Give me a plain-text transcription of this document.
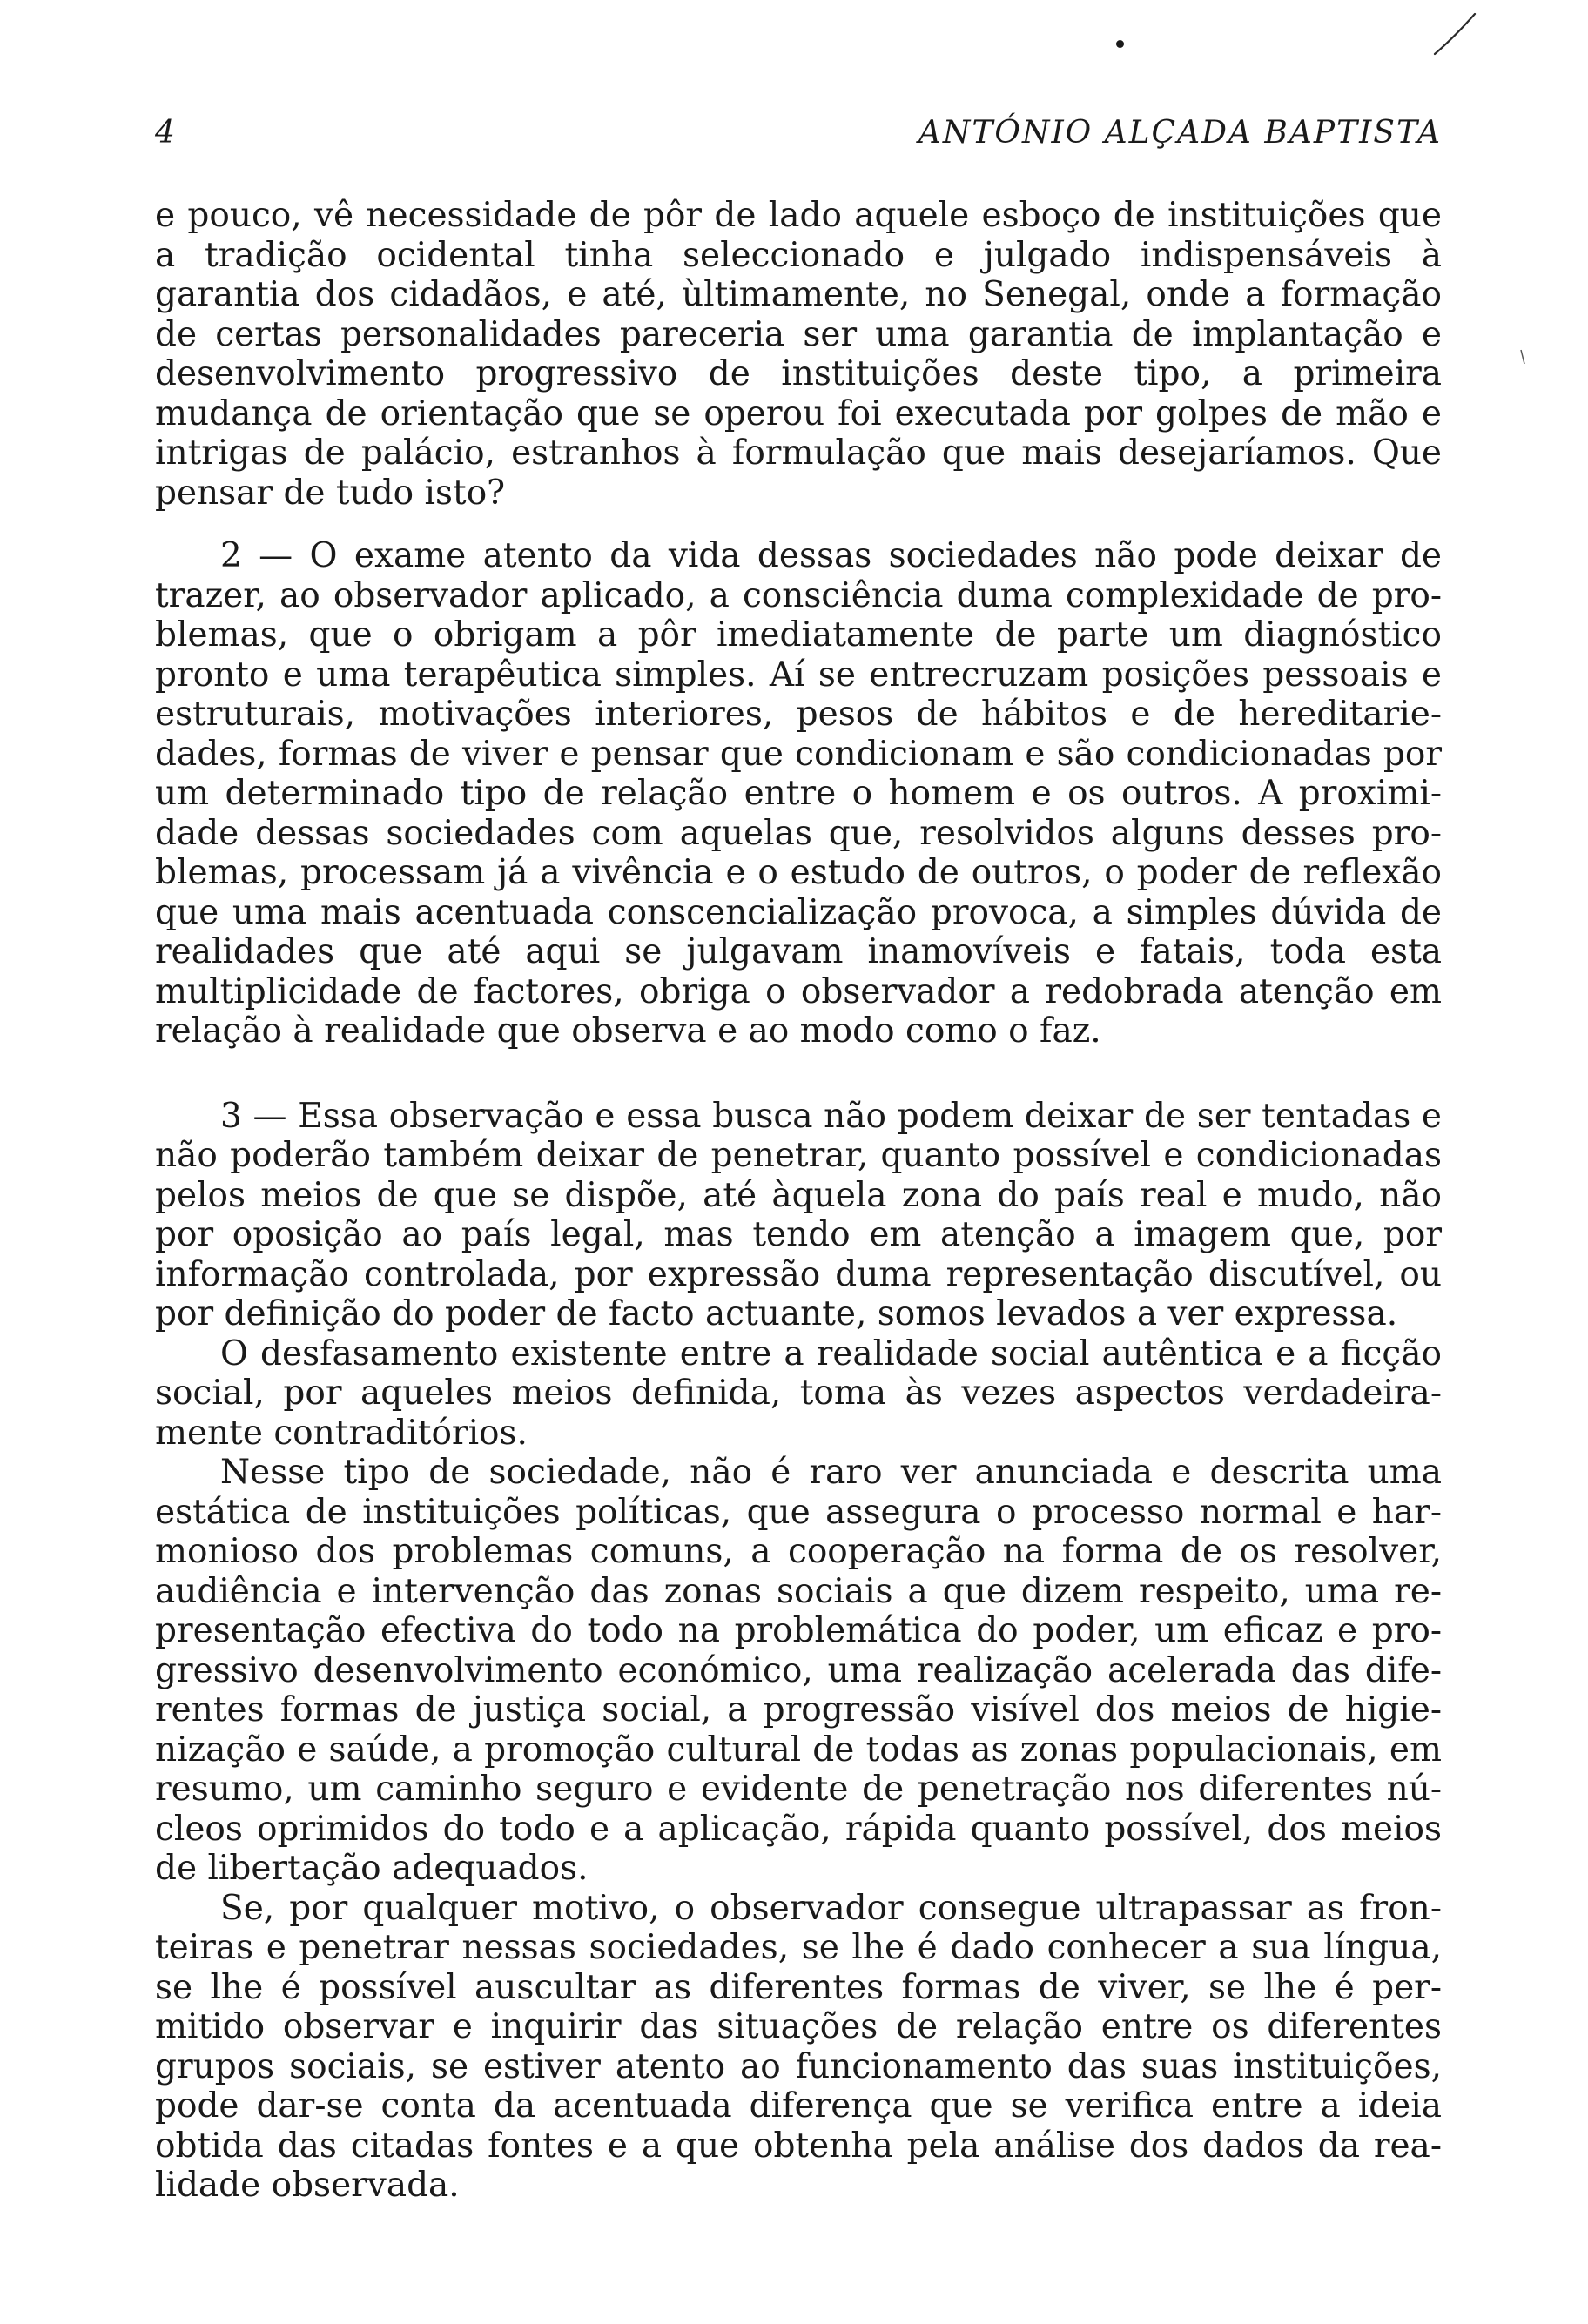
4	ANTÓNIO ALÇADA BAPTISTA

e pouco, vê necessidade de pôr de lado aquele esboço de instituições que a tradição ocidental tinha seleccionado e julgado indispensáveis à garantia dos cidadãos, e até, ùltimamente, no Senegal, onde a formação de certas personalidades pareceria ser uma garantia de implantação e desenvolvimento progressivo de instituições deste tipo, a primeira mudança de orientação que se operou foi executada por golpes de mão e intrigas de palácio, estranhos à formulação que mais desejaríamos. Que pensar de tudo isto?

2 — O exame atento da vida dessas sociedades não pode deixar de trazer, ao observador aplicado, a consciência duma complexidade de problemas, que o obrigam a pôr imediatamente de parte um diagnóstico pronto e uma terapêutica simples. Aí se entrecruzam posições pessoais e estruturais, motivações interiores, pesos de hábitos e de hereditariedades, formas de viver e pensar que condicionam e são condicionadas por um determinado tipo de relação entre o homem e os outros. A proximidade dessas sociedades com aquelas que, resolvidos alguns desses problemas, processam já a vivência e o estudo de outros, o poder de reflexão que uma mais acentuada conscencialização provoca, a simples dúvida de realidades que até aqui se julgavam inamovíveis e fatais, toda esta multiplicidade de factores, obriga o observador a redobrada atenção em relação à realidade que observa e ao modo como o faz.

3 — Essa observação e essa busca não podem deixar de ser tentadas e não poderão também deixar de penetrar, quanto possível e condicionadas pelos meios de que se dispõe, até àquela zona do país real e mudo, não por oposição ao país legal, mas tendo em atenção a imagem que, por informação controlada, por expressão duma representação discutível, ou por definição do poder de facto actuante, somos levados a ver expressa.

O desfasamento existente entre a realidade social autêntica e a ficção social, por aqueles meios definida, toma às vezes aspectos verdadeiramente contraditórios.

Nesse tipo de sociedade, não é raro ver anunciada e descrita uma estática de instituições políticas, que assegura o processo normal e harmonioso dos problemas comuns, a cooperação na forma de os resolver, audiência e intervenção das zonas sociais a que dizem respeito, uma representação efectiva do todo na problemática do poder, um eficaz e progressivo desenvolvimento económico, uma realização acelerada das diferentes formas de justiça social, a progressão visível dos meios de higienização e saúde, a promoção cultural de todas as zonas populacionais, em resumo, um caminho seguro e evidente de penetração nos diferentes núcleos oprimidos do todo e a aplicação, rápida quanto possível, dos meios de libertação adequados.

Se, por qualquer motivo, o observador consegue ultrapassar as fronteiras e penetrar nessas sociedades, se lhe é dado conhecer a sua língua, se lhe é possível auscultar as diferentes formas de viver, se lhe é permitido observar e inquirir das situações de relação entre os diferentes grupos sociais, se estiver atento ao funcionamento das suas instituições, pode dar-se conta da acentuada diferença que se verifica entre a ideia obtida das citadas fontes e a que obtenha pela análise dos dados da realidade observada.
